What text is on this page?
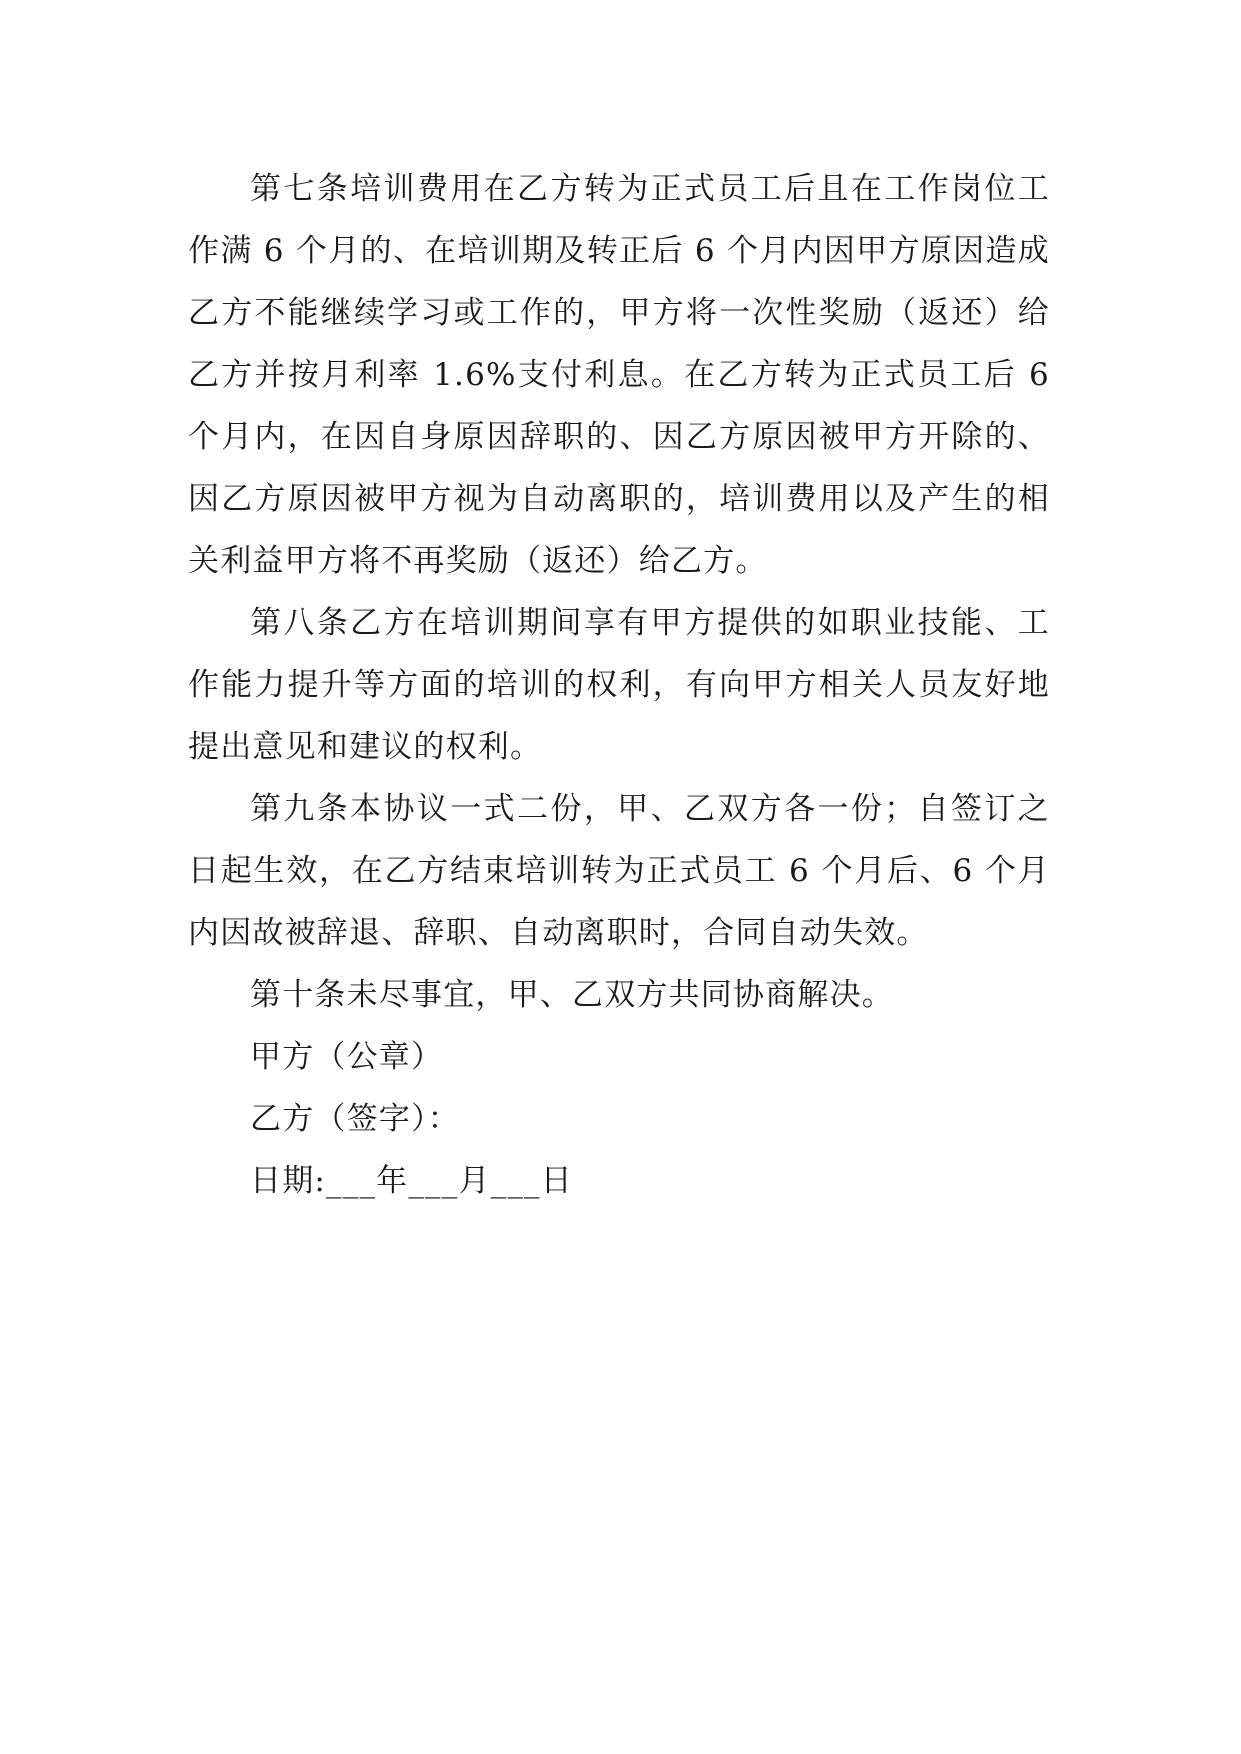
第七条培训费用在乙方转为正式员工后且在工作岗位工作满 6 个月的、在培训期及转正后 6 个月内因甲方原因造成乙方不能继续学习或工作的，甲方将一次性奖励（返还）给乙方并按月利率 1.6%支付利息。在乙方转为正式员工后 6 个月内，在因自身原因辞职的、因乙方原因被甲方开除的、因乙方原因被甲方视为自动离职的，培训费用以及产生的相关利益甲方将不再奖励（返还）给乙方。

第八条乙方在培训期间享有甲方提供的如职业技能、工作能力提升等方面的培训的权利，有向甲方相关人员友好地提出意见和建议的权利。

第九条本协议一式二份，甲、乙双方各一份；自签订之日起生效，在乙方结束培训转为正式员工 6 个月后、6 个月内因故被辞退、辞职、自动离职时，合同自动失效。

第十条未尽事宜，甲、乙双方共同协商解决。

甲方（公章）

乙方（签字）：

日期:___年___月___日
